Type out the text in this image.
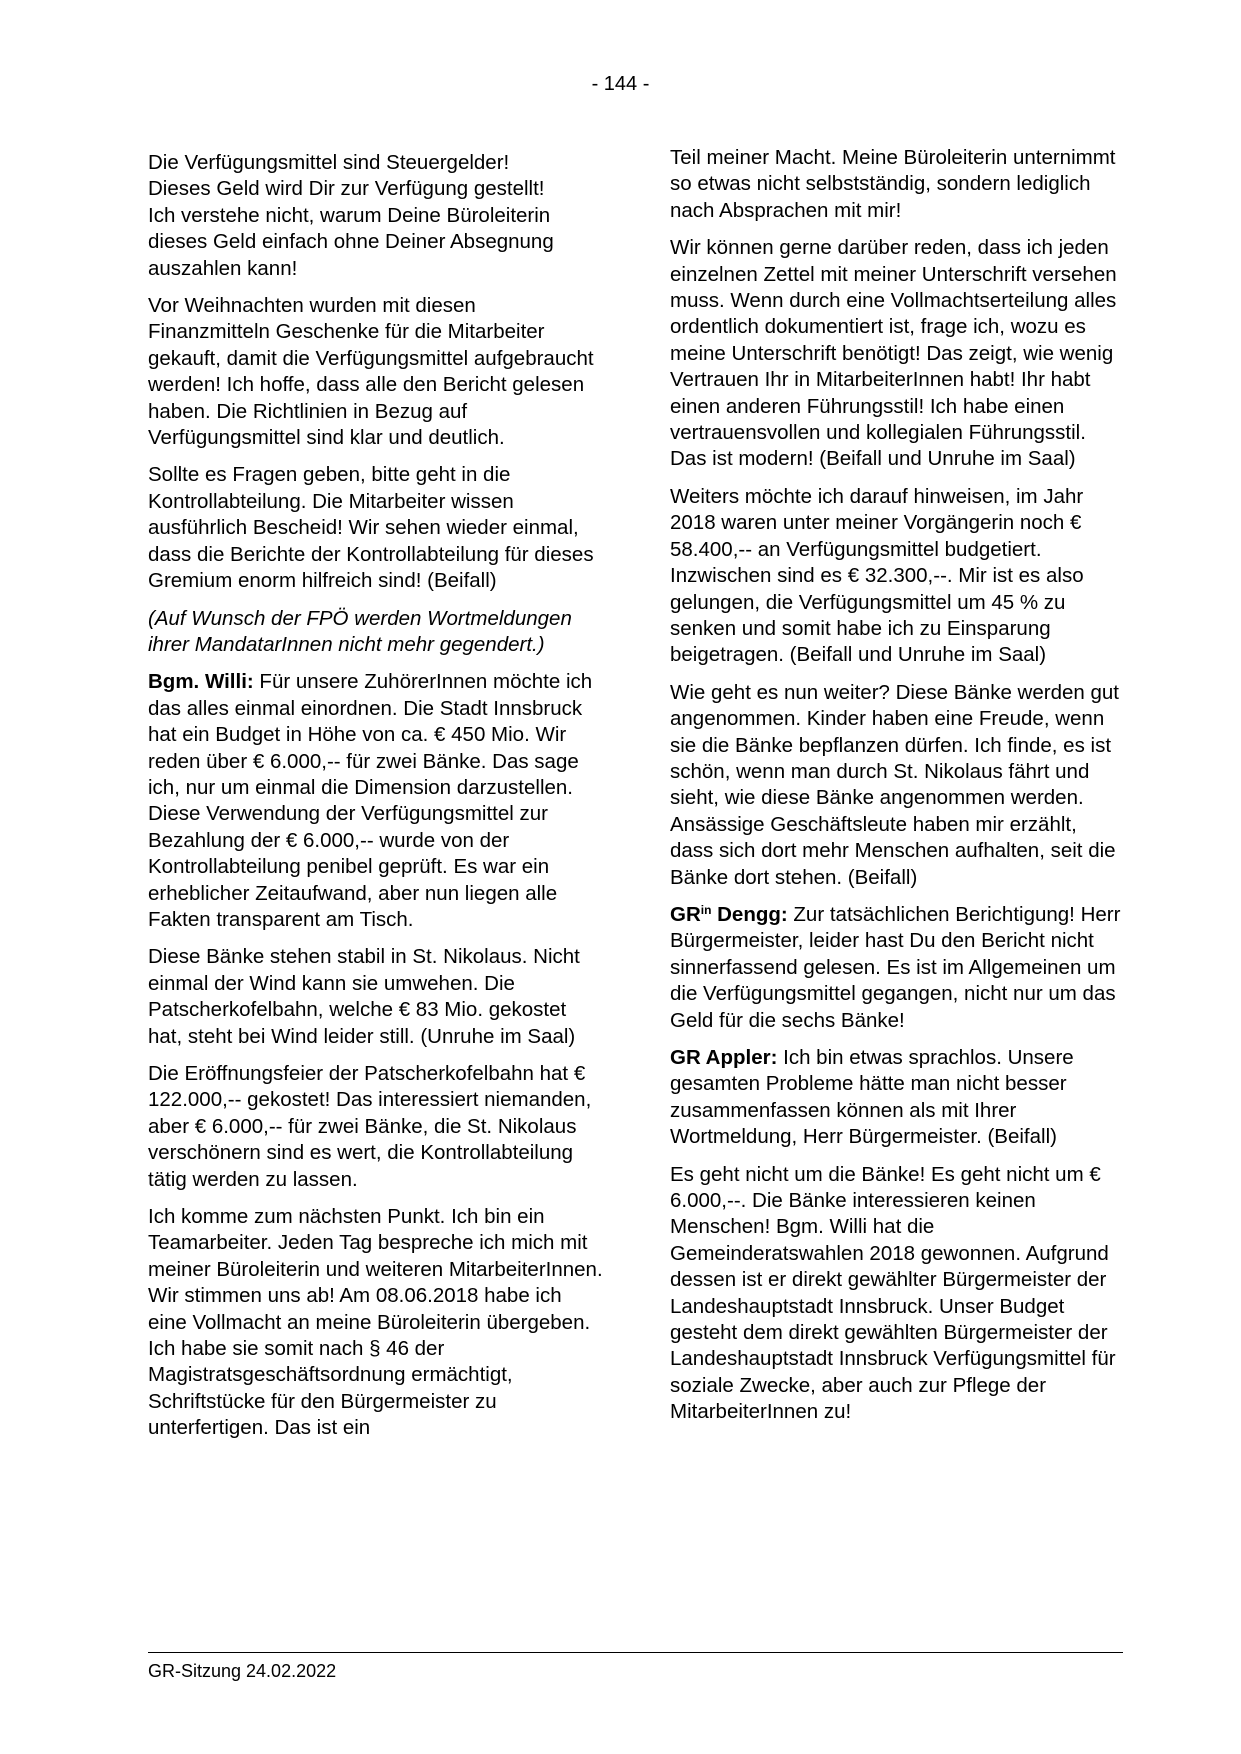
- 144 -

Die Verfügungsmittel sind Steuergelder!
Dieses Geld wird Dir zur Verfügung gestellt!
Ich verstehe nicht, warum Deine Büroleiterin
dieses Geld einfach ohne Deiner Absegnung auszahlen kann!

Vor Weihnachten wurden mit diesen Finanzmitteln Geschenke für die Mitarbeiter gekauft, damit die Verfügungsmittel aufgebraucht werden! Ich hoffe, dass alle den Bericht gelesen haben. Die Richtlinien in Bezug auf Verfügungsmittel sind klar und deutlich.

Sollte es Fragen geben, bitte geht in die Kontrollabteilung. Die Mitarbeiter wissen ausführlich Bescheid! Wir sehen wieder einmal, dass die Berichte der Kontrollabteilung für dieses Gremium enorm hilfreich sind! (Beifall)

(Auf Wunsch der FPÖ werden Wortmeldungen ihrer MandatarInnen nicht mehr gegendert.)

Bgm. Willi: Für unsere ZuhörerInnen möchte ich das alles einmal einordnen. Die Stadt Innsbruck hat ein Budget in Höhe von ca. € 450 Mio. Wir reden über € 6.000,-- für zwei Bänke. Das sage ich, nur um einmal die Dimension darzustellen. Diese Verwendung der Verfügungsmittel zur Bezahlung der € 6.000,-- wurde von der Kontrollabteilung penibel geprüft. Es war ein erheblicher Zeitaufwand, aber nun liegen alle Fakten transparent am Tisch.

Diese Bänke stehen stabil in St. Nikolaus. Nicht einmal der Wind kann sie umwehen. Die Patscherkofelbahn, welche € 83 Mio. gekostet hat, steht bei Wind leider still. (Unruhe im Saal)

Die Eröffnungsfeier der Patscherkofelbahn hat € 122.000,-- gekostet! Das interessiert niemanden, aber € 6.000,-- für zwei Bänke, die St. Nikolaus verschönern sind es wert, die Kontrollabteilung tätig werden zu lassen.

Ich komme zum nächsten Punkt. Ich bin ein Teamarbeiter. Jeden Tag bespreche ich mich mit meiner Büroleiterin und weiteren MitarbeiterInnen. Wir stimmen uns ab! Am 08.06.2018 habe ich eine Vollmacht an meine Büroleiterin übergeben. Ich habe sie somit nach § 46 der Magistratsgeschäftsordnung ermächtigt, Schriftstücke für den Bürgermeister zu unterfertigen. Das ist ein

Teil meiner Macht. Meine Büroleiterin unternimmt so etwas nicht selbstständig, sondern lediglich nach Absprachen mit mir!

Wir können gerne darüber reden, dass ich jeden einzelnen Zettel mit meiner Unterschrift versehen muss. Wenn durch eine Vollmachtserteilung alles ordentlich dokumentiert ist, frage ich, wozu es meine Unterschrift benötigt! Das zeigt, wie wenig Vertrauen Ihr in MitarbeiterInnen habt! Ihr habt einen anderen Führungsstil! Ich habe einen vertrauensvollen und kollegialen Führungsstil. Das ist modern! (Beifall und Unruhe im Saal)

Weiters möchte ich darauf hinweisen, im Jahr 2018 waren unter meiner Vorgängerin noch € 58.400,-- an Verfügungsmittel budgetiert. Inzwischen sind es € 32.300,--. Mir ist es also gelungen, die Verfügungsmittel um 45 % zu senken und somit habe ich zu Einsparung beigetragen. (Beifall und Unruhe im Saal)

Wie geht es nun weiter? Diese Bänke werden gut angenommen. Kinder haben eine Freude, wenn sie die Bänke bepflanzen dürfen. Ich finde, es ist schön, wenn man durch St. Nikolaus fährt und sieht, wie diese Bänke angenommen werden. Ansässige Geschäftsleute haben mir erzählt, dass sich dort mehr Menschen aufhalten, seit die Bänke dort stehen. (Beifall)

$GR^{in}$ Dengg: Zur tatsächlichen Berichtigung! Herr Bürgermeister, leider hast Du den Bericht nicht sinnerfassend gelesen. Es ist im Allgemeinen um die Verfügungsmittel gegangen, nicht nur um das Geld für die sechs Bänke!

GR Appler: Ich bin etwas sprachlos. Unsere gesamten Probleme hätte man nicht besser zusammenfassen können als mit Ihrer Wortmeldung, Herr Bürgermeister. (Beifall)

Es geht nicht um die Bänke! Es geht nicht um € 6.000,--. Die Bänke interessieren keinen Menschen! Bgm. Willi hat die Gemeinderatswahlen 2018 gewonnen. Aufgrund dessen ist er direkt gewählter Bürgermeister der Landeshauptstadt Innsbruck. Unser Budget gesteht dem direkt gewählten Bürgermeister der Landeshauptstadt Innsbruck Verfügungsmittel für soziale Zwecke, aber auch zur Pflege der MitarbeiterInnen zu!

GR-Sitzung 24.02.2022
